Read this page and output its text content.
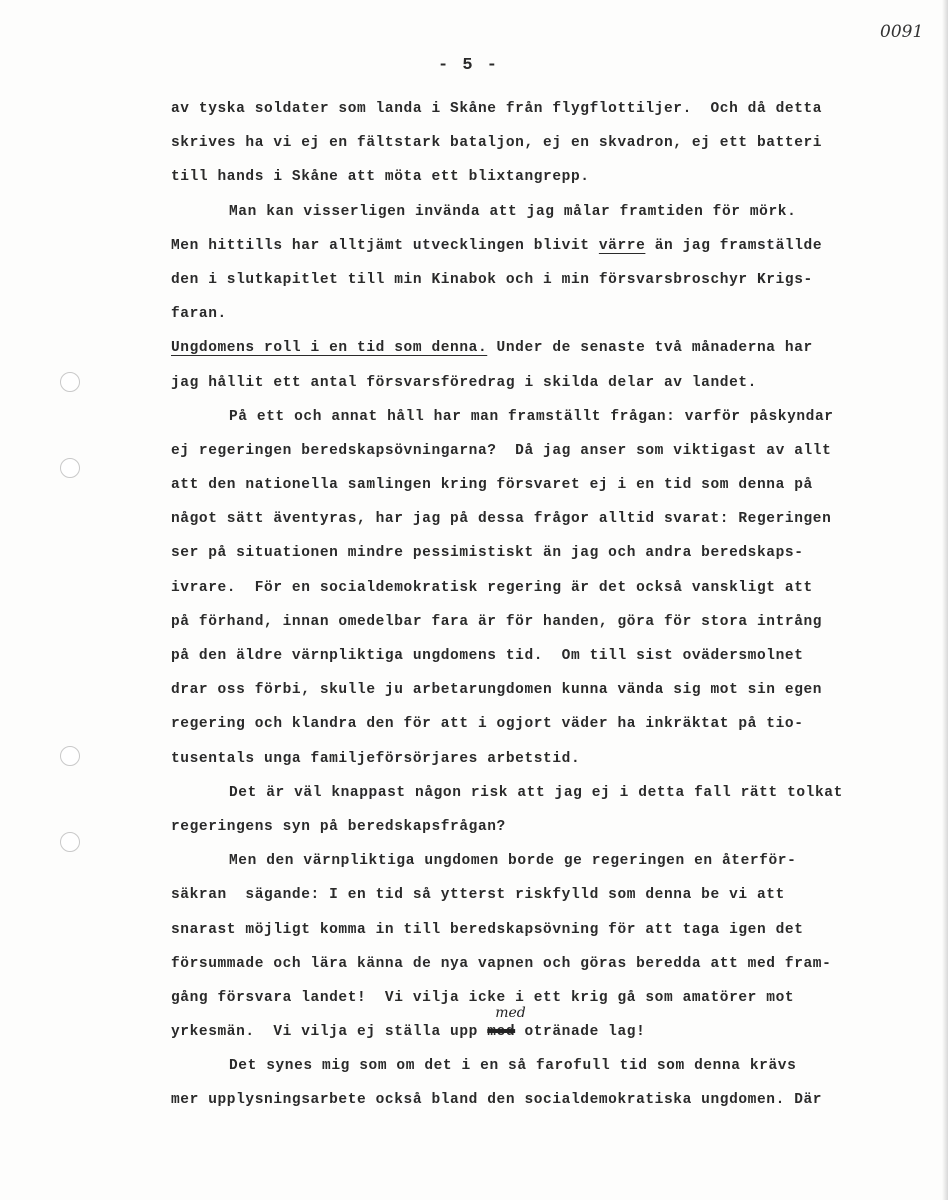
0091
- 5 -
av tyska soldater som landa i Skåne från flygflottiljer.  Och då detta
skrives ha vi ej en fältstark bataljon, ej en skvadron, ej ett batteri
till hands i Skåne att möta ett blixtangrepp.
Man kan visserligen invända att jag målar framtiden för mörk.
Men hittills har alltjämt utvecklingen blivit värre än jag framställde
den i slutkapitlet till min Kinabok och i min försvarsbroschyr Krigs-
faran.
Ungdomens roll i en tid som denna. Under de senaste två månaderna har
jag hållit ett antal försvarsföredrag i skilda delar av landet.
På ett och annat håll har man framställt frågan: varför påskyndar
ej regeringen beredskapsövningarna?  Då jag anser som viktigast av allt
att den nationella samlingen kring försvaret ej i en tid som denna på
något sätt äventyras, har jag på dessa frågor alltid svarat: Regeringen
ser på situationen mindre pessimistiskt än jag och andra beredskaps-
ivrare.  För en socialdemokratisk regering är det också vanskligt att
på förhand, innan omedelbar fara är för handen, göra för stora intrång
på den äldre värnpliktiga ungdomens tid.  Om till sist ovädersmolnet
drar oss förbi, skulle ju arbetarungdomen kunna vända sig mot sin egen
regering och klandra den för att i ogjort väder ha inkräktat på tio-
tusentals unga familjeförsörjares arbetstid.
Det är väl knappast någon risk att jag ej i detta fall rätt tolkat
regeringens syn på beredskapsfrågan?
Men den värnpliktiga ungdomen borde ge regeringen en återför-
säkran  sägande: I en tid så ytterst riskfylld som denna be vi att
snarast möjligt komma in till beredskapsövning för att taga igen det
försummade och lära känna de nya vapnen och göras beredda att med fram-
gång försvara landet!  Vi vilja icke i ett krig gå som amatörer mot
yrkesmän.  Vi vilja ej ställa upp
med
med otränade lag!
Det synes mig som om det i en så farofull tid som denna krävs
mer upplysningsarbete också bland den socialdemokratiska ungdomen. Där
